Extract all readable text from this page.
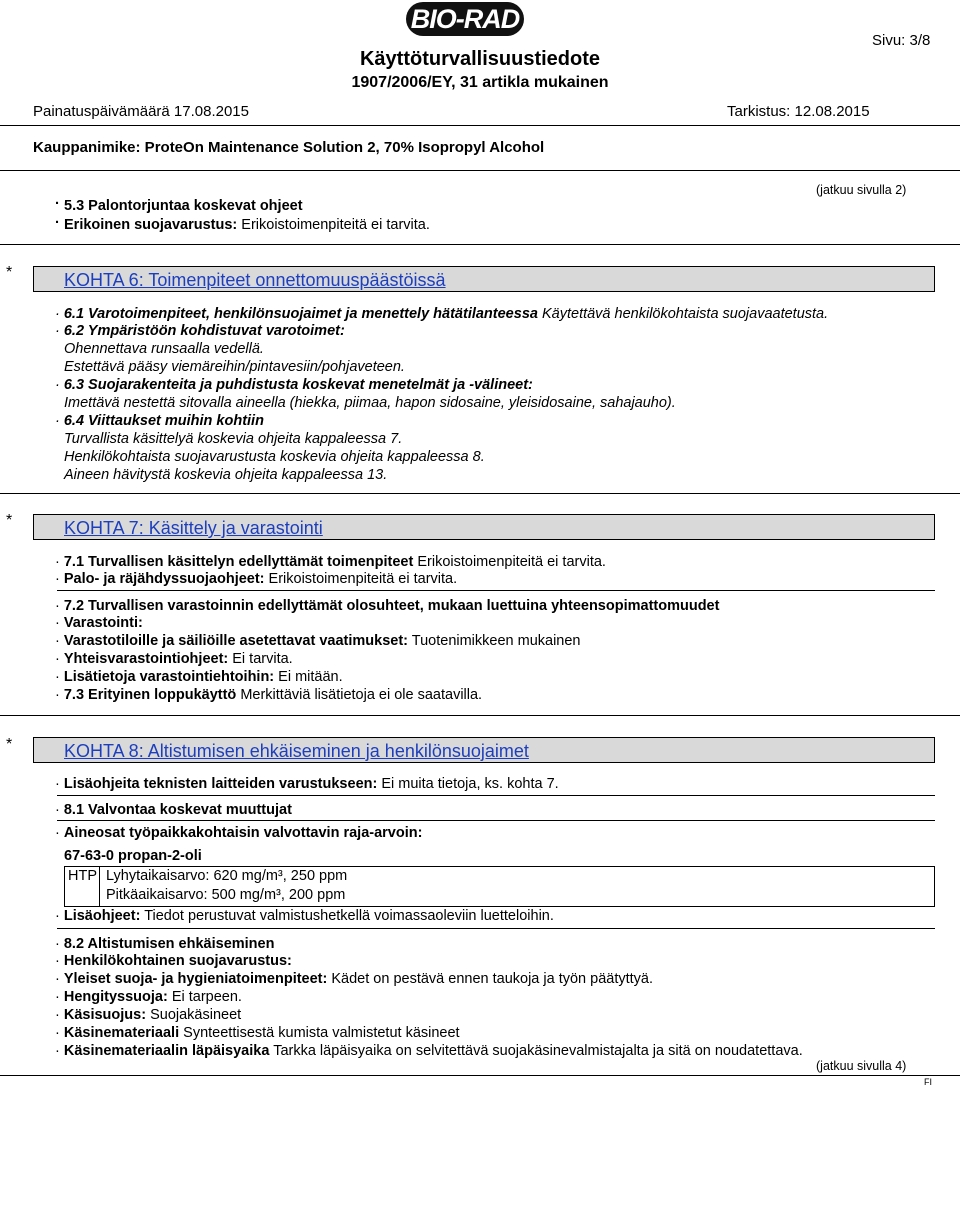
BIO-RAD
Sivu: 3/8
Käyttöturvallisuustiedote
1907/2006/EY, 31 artikla mukainen
Painatuspäivämäärä 17.08.2015	Tarkistus: 12.08.2015
Kauppanimike: ProteOn Maintenance Solution 2, 70% Isopropyl Alcohol
(jatkuu sivulla 2)
· 5.3 Palontorjuntaa koskevat ohjeet
· Erikoinen suojavarustus: Erikoistoimenpiteitä ei tarvita.
*	KOHTA 6: Toimenpiteet onnettomuuspäästöissä
· 6.1 Varotoimenpiteet, henkilönsuojaimet ja menettely hätätilanteessa Käytettävä henkilökohtaista suojavaatetusta.
· 6.2 Ympäristöön kohdistuvat varotoimet:
Ohennettava runsaalla vedellä.
Estettävä pääsy viemäreihin/pintavesiin/pohjaveteen.
· 6.3 Suojarakenteita ja puhdistusta koskevat menetelmät ja -välineet:
Imettävä nestettä sitovalla aineella (hiekka, piimaa, hapon sidosaine, yleisidosaine, sahajauho).
· 6.4 Viittaukset muihin kohtiin
Turvallista käsittelyä koskevia ohjeita kappaleessa 7.
Henkilökohtaista suojavarustusta koskevia ohjeita kappaleessa 8.
Aineen hävitystä koskevia ohjeita kappaleessa 13.
*	KOHTA 7: Käsittely ja varastointi
· 7.1 Turvallisen käsittelyn edellyttämät toimenpiteet Erikoistoimenpiteitä ei tarvita.
· Palo- ja räjähdyssuojaohjeet: Erikoistoimenpiteitä ei tarvita.
· 7.2 Turvallisen varastoinnin edellyttämät olosuhteet, mukaan luettuina yhteensopimattomuudet
· Varastointi:
· Varastotiloille ja säiliöille asetettavat vaatimukset: Tuotenimikkeen mukainen
· Yhteisvarastointiohjeet: Ei tarvita.
· Lisätietoja varastointiehtoihin: Ei mitään.
· 7.3 Erityinen loppukäyttö Merkittäviä lisätietoja ei ole saatavilla.
*	KOHTA 8: Altistumisen ehkäiseminen ja henkilönsuojaimet
· Lisäohjeita teknisten laitteiden varustukseen: Ei muita tietoja, ks. kohta 7.
· 8.1 Valvontaa koskevat muuttujat
· Aineosat työpaikkakohtaisin valvottavin raja-arvoin:
67-63-0 propan-2-oli
HTP Lyhytaikaisarvo: 620 mg/m³, 250 ppm
Pitkäaikaisarvo: 500 mg/m³, 200 ppm
· Lisäohjeet: Tiedot perustuvat valmistushetkellä voimassaoleviin luetteloihin.
· 8.2 Altistumisen ehkäiseminen
· Henkilökohtainen suojavarustus:
· Yleiset suoja- ja hygieniatoimenpiteet: Kädet on pestävä ennen taukoja ja työn päätyttyä.
· Hengityssuoja: Ei tarpeen.
· Käsisuojus: Suojakäsineet
· Käsinemateriaali Synteettisestä kumista valmistetut käsineet
· Käsinemateriaalin läpäisyaika Tarkka läpäisyaika on selvitettävä suojakäsinevalmistajalta ja sitä on noudatettava.
(jatkuu sivulla 4)
FI
